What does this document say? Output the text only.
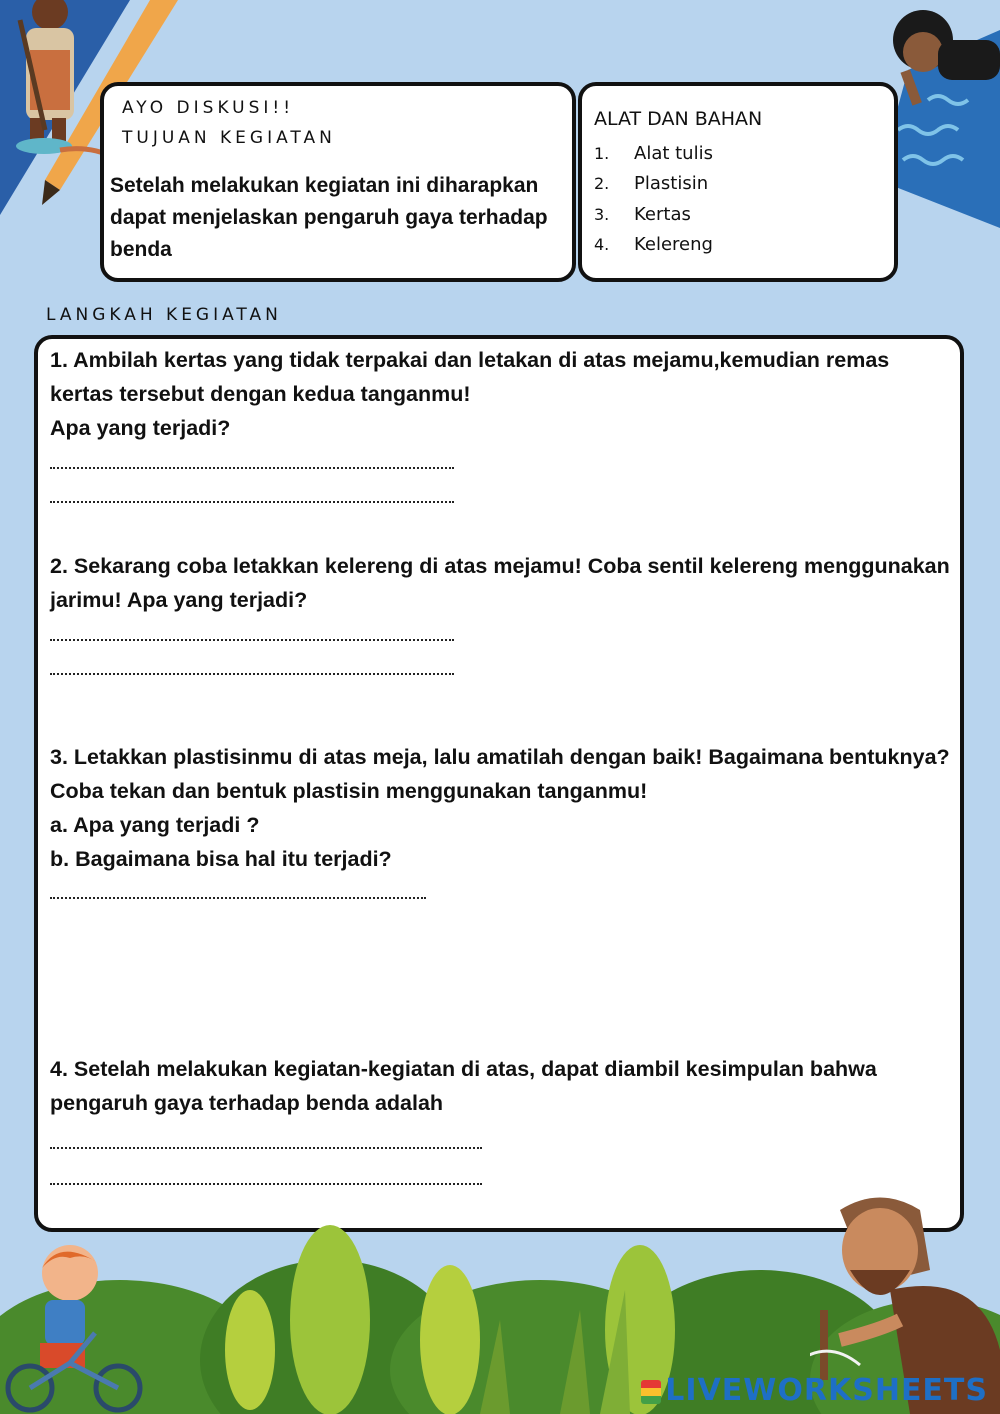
AYO DISKUSI!!
TUJUAN KEGIATAN
Setelah melakukan kegiatan ini diharapkan dapat menjelaskan pengaruh gaya terhadap benda
ALAT DAN BAHAN
1.	Alat tulis
2.	Plastisin
3.	Kertas
4.	Kelereng
LANGKAH KEGIATAN

1. Ambilah kertas yang tidak terpakai dan letakan di atas mejamu,kemudian remas

kertas tersebut dengan kedua tanganmu!

Apa yang terjadi?

2. Sekarang coba letakkan kelereng di atas mejamu! Coba sentil kelereng menggunakan

jarimu! Apa yang terjadi?

3. Letakkan plastisinmu di atas meja, lalu amatilah dengan baik! Bagaimana bentuknya?

Coba tekan dan bentuk plastisin menggunakan tanganmu!

a. Apa yang terjadi ?

b. Bagaimana bisa hal itu terjadi?

4. Setelah melakukan kegiatan-kegiatan di atas, dapat diambil kesimpulan bahwa

pengaruh gaya terhadap benda adalah

LIVEWORKSHEETS
